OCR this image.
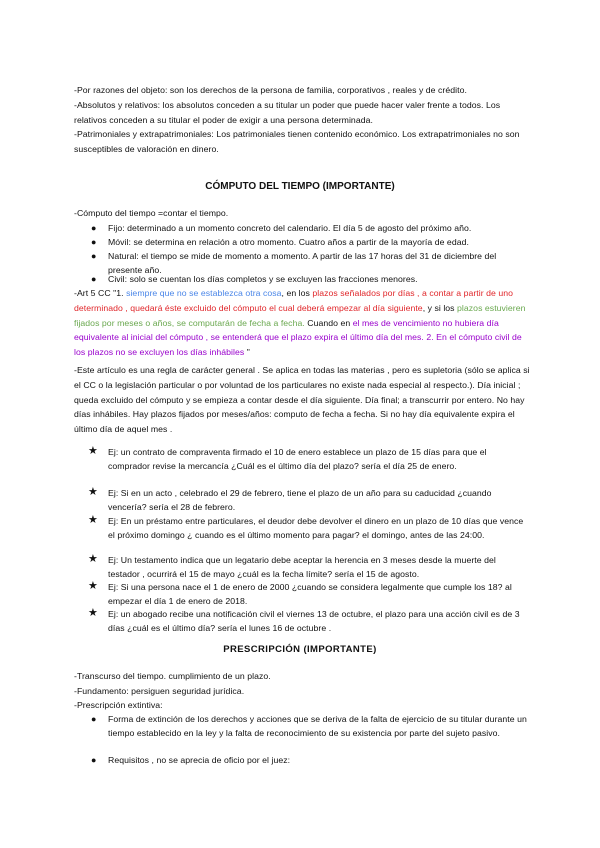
-Por razones del objeto: son los derechos de la persona de familia, corporativos , reales y de crédito.

-Absolutos y relativos: los absolutos conceden a su titular un poder que puede hacer valer frente a todos. Los relativos conceden a su titular el poder de exigir a una persona determinada.

-Patrimoniales y extrapatrimoniales: Los patrimoniales tienen contenido económico. Los extrapatrimoniales no son susceptibles de valoración en dinero.

CÓMPUTO DEL TIEMPO (IMPORTANTE)

-Cómputo del tiempo =contar el tiempo.

● Fijo: determinado a un momento concreto del calendario. El día 5 de agosto del próximo año.

● Móvil: se determina en relación a otro momento. Cuatro años a partir de la mayoría de edad.

● Natural: el tiempo se mide de momento a momento. A partir de las 17 horas del 31 de diciembre del presente año.

● Civil: solo se cuentan los días completos y se excluyen las fracciones menores.

-Art 5 CC "1. siempre que no se establezca otra cosa, en los plazos señalados por días , a contar a partir de uno determinado , quedará éste excluido del cómputo el cual deberá empezar al día siguiente, y si los plazos estuvieren fijados por meses o años, se computarán de fecha a fecha. Cuando en el mes de vencimiento no hubiera día equivalente al inicial del cómputo , se entenderá que el plazo expira el último día del mes. 2. En el cómputo civil de los plazos no se excluyen los días inhábiles "

-Este artículo es una regla de carácter general . Se aplica en todas las materias , pero es supletoria (sólo se aplica si el CC o la legislación particular o por voluntad de los particulares no existe nada especial al respecto.). Día inicial ; queda excluido del cómputo y se empieza a contar desde el día siguiente. Día final; a transcurrir por entero. No hay días inhábiles. Hay plazos fijados por meses/años: computo de fecha a fecha. Si no hay día equivalente expira el último día de aquel mes .

★ Ej: un contrato de compraventa firmado el 10 de enero establece un plazo de 15 días para que el comprador revise la mercancía ¿Cuál es el último día del plazo? sería el día 25 de enero.

★ Ej: Si en un acto , celebrado el 29 de febrero, tiene el plazo de un año para su caducidad ¿cuando vencería? sería el 28 de febrero.

★ Ej: En un préstamo entre particulares, el deudor debe devolver el dinero en un plazo de 10 días que vence el próximo domingo ¿ cuando es el último momento para pagar? el domingo, antes de las 24:00.

★ Ej: Un testamento indica que un legatario debe aceptar la herencia en 3 meses desde la muerte del testador , ocurrirá el 15 de mayo ¿cuál es la fecha límite? sería el 15 de agosto.

★ Ej: Si una persona nace el 1 de enero de 2000 ¿cuando se considera legalmente que cumple los 18? al empezar el día 1 de enero de 2018.

★ Ej: un abogado recibe una notificación civil el viernes 13 de octubre, el plazo para una acción civil es de 3 días ¿cuál es el último día? sería el lunes 16 de octubre .

PRESCRIPCIÓN (IMPORTANTE)

-Transcurso del tiempo. cumplimiento de un plazo.

-Fundamento: persiguen seguridad jurídica.

-Prescripción extintiva:

● Forma de extinción de los derechos y acciones que se deriva de la falta de ejercicio de su titular durante un tiempo establecido en la ley y la falta de reconocimiento de su existencia por parte del sujeto pasivo.

● Requisitos , no se aprecia de oficio por el juez:
